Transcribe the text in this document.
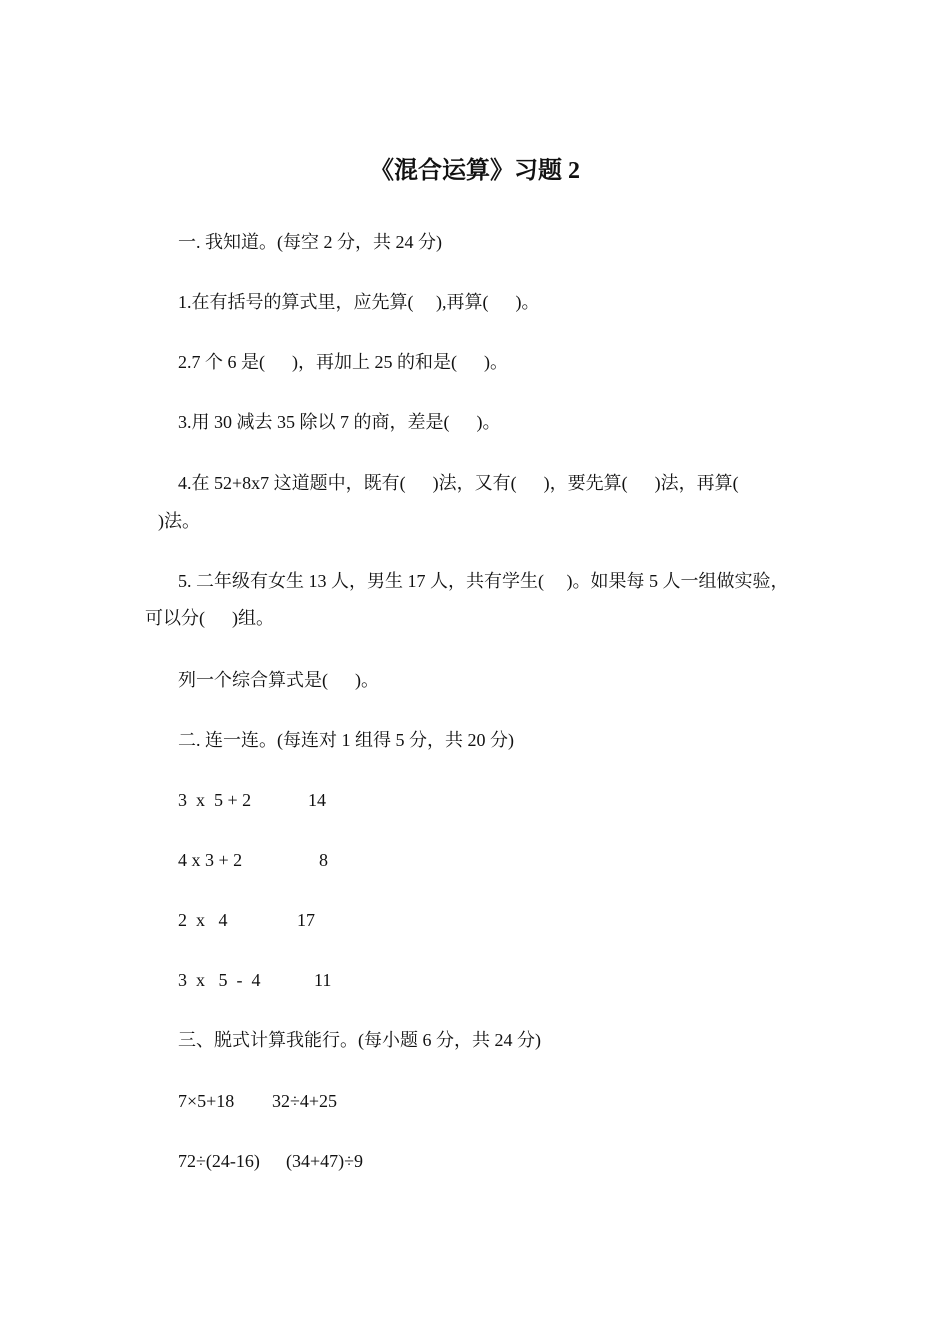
《混合运算》习题 2
一. 我知道。(每空 2 分，共 24 分)
1.在有括号的算式里，应先算(     ),再算(      )。
2.7 个 6 是(      )，再加上 25 的和是(      )。
3.用 30 减去 35 除以 7 的商，差是(      )。
4.在 52+8x7 这道题中，既有(      )法，又有(      )，要先算(      )法，再算(
)法。
5. 二年级有女生 13 人，男生 17 人，共有学生(     )。如果每 5 人一组做实验，
可以分(      )组。
列一个综合算式是(      )。
二. 连一连。(每连对 1 组得 5 分，共 20 分)
3  x  5 + 2	14
4 x 3 + 2	8
2  x   4	17
3  x   5  -  4	11
三、脱式计算我能行。(每小题 6 分，共 24 分)
7×5+18 32÷4+25
72÷(24-16) (34+47)÷9
